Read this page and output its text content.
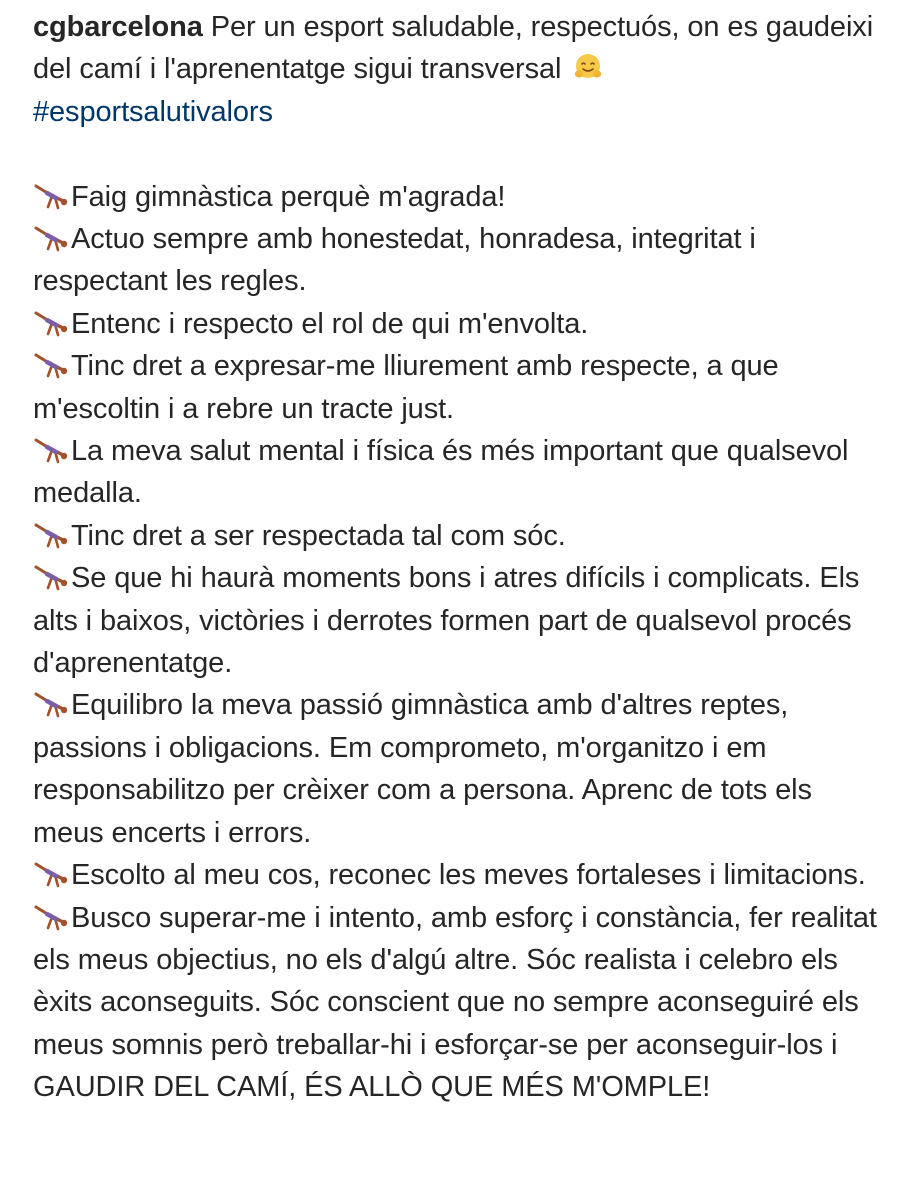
cgbarcelona Per un esport saludable, respectuós, on es gaudeixi del camí i l'aprenentatge sigui transversal
#esportsalutivalors

Faig gimnàstica perquè m'agrada!
Actuo sempre amb honestedat, honradesa, integritat i respectant les regles.
Entenc i respecto el rol de qui m'envolta.
Tinc dret a expresar-me lliurement amb respecte, a que m'escoltin i a rebre un tracte just.
La meva salut mental i física és més important que qualsevol medalla.
Tinc dret a ser respectada tal com sóc.
Se que hi haurà moments bons i atres difícils i complicats. Els alts i baixos, victòries i derrotes formen part de qualsevol procés d'aprenentatge.
Equilibro la meva passió gimnàstica amb d'altres reptes, passions i obligacions. Em comprometo, m'organitzo i em responsabilitzo per crèixer com a persona. Aprenc de tots els meus encerts i errors.
Escolto al meu cos, reconec les meves fortaleses i limitacions.
Busco superar-me i intento, amb esforç i constància, fer realitat els meus objectius, no els d'algú altre. Sóc realista i celebro els èxits aconseguits. Sóc conscient que no sempre aconseguiré els meus somnis però treballar-hi i esforçar-se per aconseguir-los i GAUDIR DEL CAMÍ, ÉS ALLÒ QUE MÉS M'OMPLE!
